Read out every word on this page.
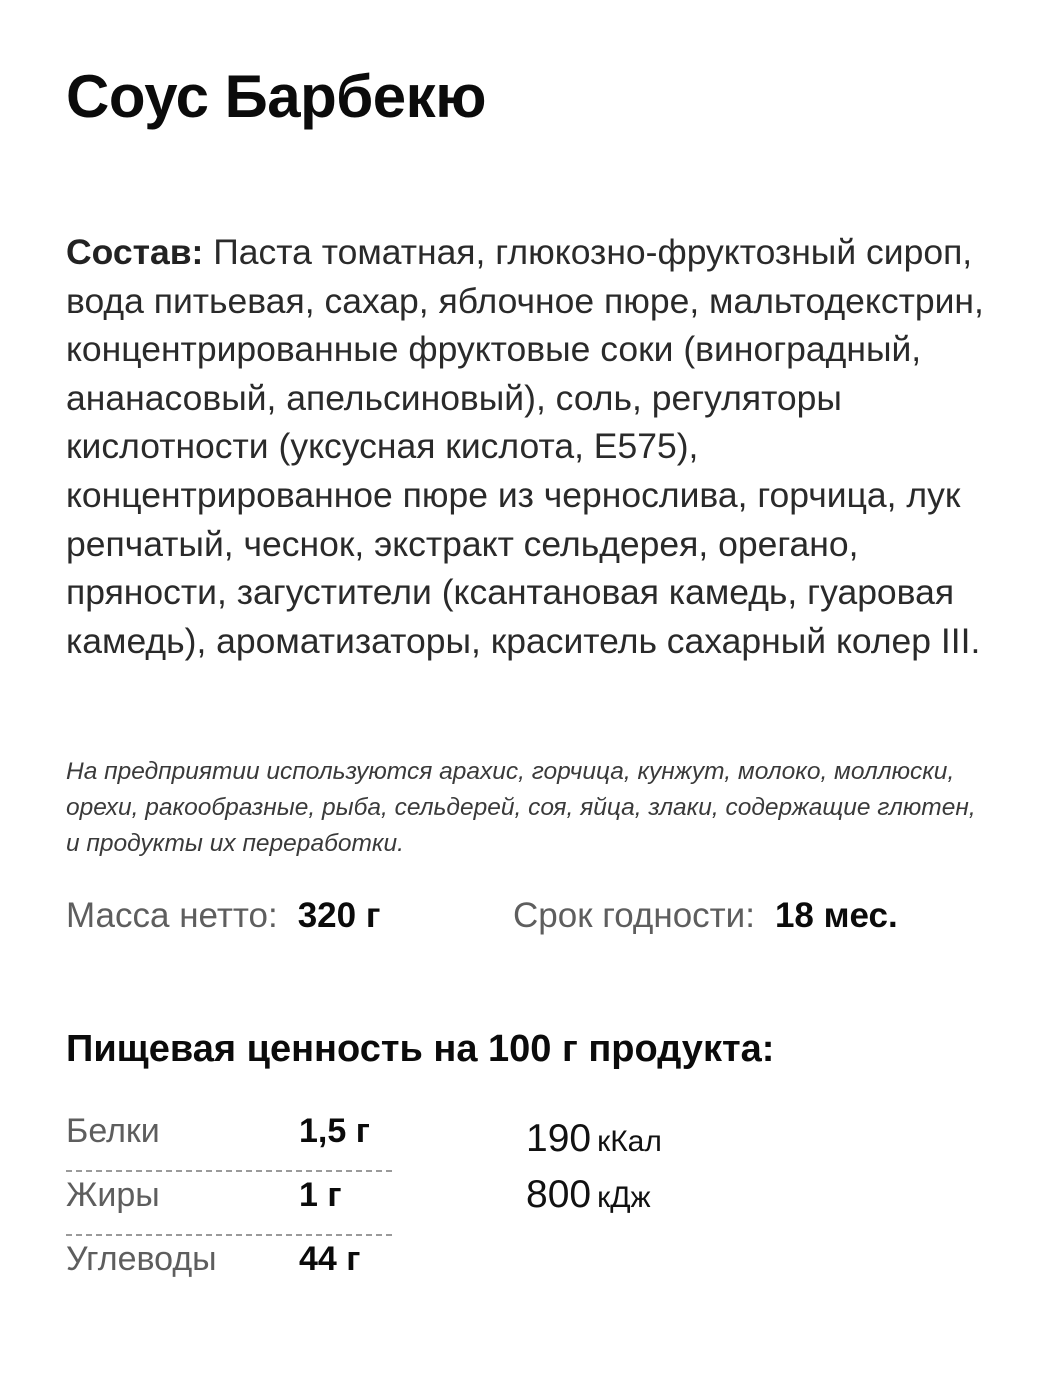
Соус Барбекю
Состав: Паста томатная, глюкозно-фруктозный сироп, вода питьевая, сахар, яблочное пюре, мальтодекстрин, концентрированные фруктовые соки (виноградный, ананасовый, апельсиновый), соль, регуляторы кислотности (уксусная кислота, Е575), концентрированное пюре из чернослива, горчица, лук репчатый, чеснок, экстракт сельдерея, орегано, пряности, загустители (ксантановая камедь, гуаровая камедь), ароматизаторы, краситель сахарный колер III.
На предприятии используются арахис, горчица, кунжут, молоко, моллюски, орехи, ракообразные, рыба, сельдерей, соя, яйца, злаки, содержащие глютен, и продукты их переработки.
Масса нетто: 320 г	Срок годности: 18 мес.
Пищевая ценность на 100 г продукта:
Белки	1,5 г
Жиры	1 г
Углеводы 44 г
190 кКал
800 кДж
